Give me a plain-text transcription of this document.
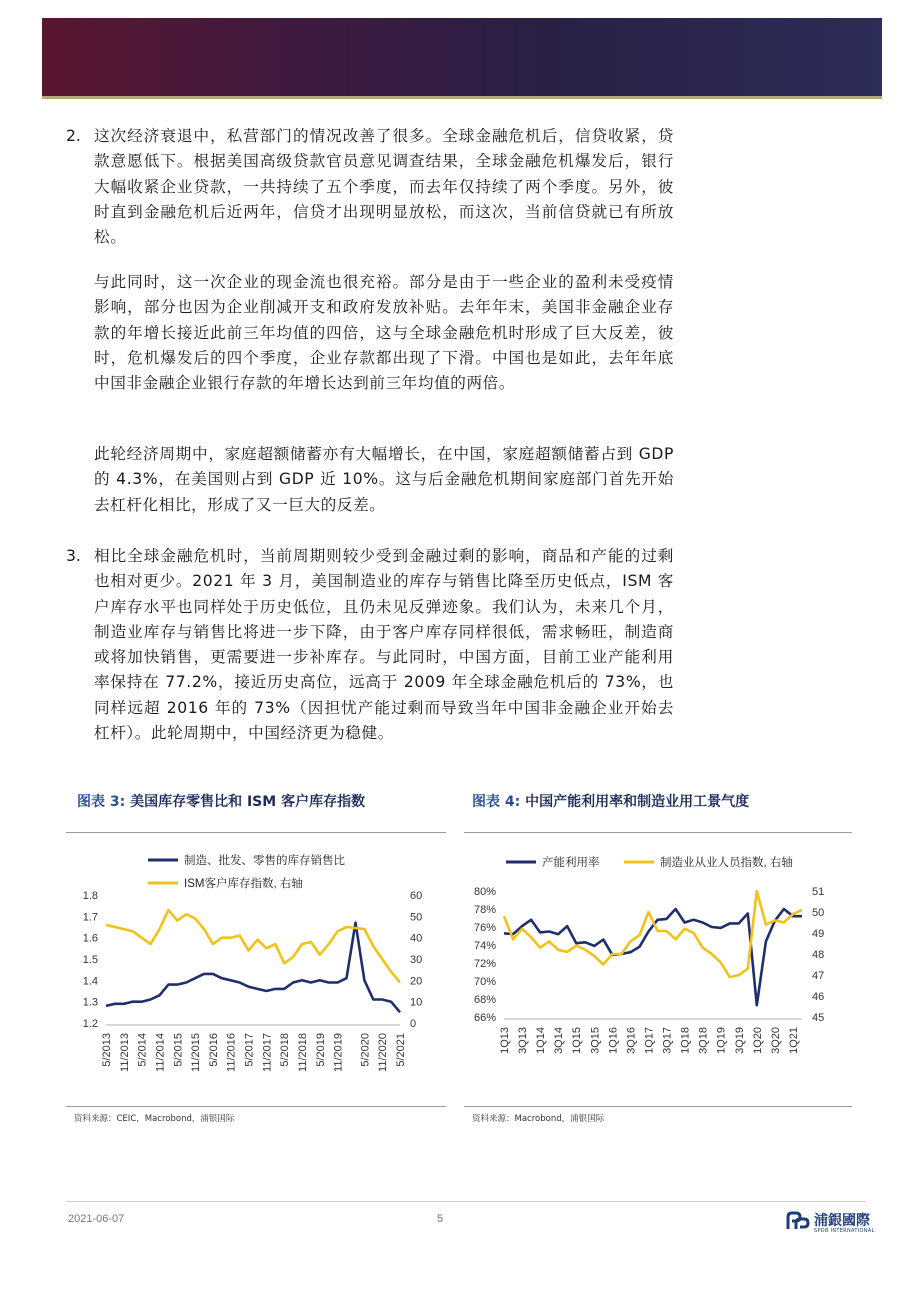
2. 这次经济衰退中，私营部门的情况改善了很多。全球金融危机后，信贷收紧，贷款意愿低下。根据美国高级贷款官员意见调查结果，全球金融危机爆发后，银行大幅收紧企业贷款，一共持续了五个季度，而去年仅持续了两个季度。另外，彼时直到金融危机后近两年，信贷才出现明显放松，而这次，当前信贷就已有所放松。
与此同时，这一次企业的现金流也很充裕。部分是由于一些企业的盈利未受疫情影响，部分也因为企业削减开支和政府发放补贴。去年年末，美国非金融企业存款的年增长接近此前三年均值的四倍，这与全球金融危机时形成了巨大反差，彼时，危机爆发后的四个季度，企业存款都出现了下滑。中国也是如此，去年年底中国非金融企业银行存款的年增长达到前三年均值的两倍。
此轮经济周期中，家庭超额储蓄亦有大幅增长，在中国，家庭超额储蓄占到 GDP 的 4.3%，在美国则占到 GDP 近 10%。这与后金融危机期间家庭部门首先开始去杠杆化相比，形成了又一巨大的反差。
3. 相比全球金融危机时，当前周期则较少受到金融过剩的影响，商品和产能的过剩也相对更少。2021 年 3 月，美国制造业的库存与销售比降至历史低点，ISM 客户库存水平也同样处于历史低位，且仍未见反弹迹象。我们认为，未来几个月，制造业库存与销售比将进一步下降，由于客户库存同样很低，需求畅旺，制造商或将加快销售，更需要进一步补库存。与此同时，中国方面，目前工业产能利用率保持在 77.2%，接近历史高位，远高于 2009 年全球金融危机后的 73%，也同样远超 2016 年的 73%（因担忧产能过剩而导致当年中国非金融企业开始去杠杆）。此轮周期中，中国经济更为稳健。
图表 3: 美国库存零售比和 ISM 客户库存指数	图表 4: 中国产能利用率和制造业用工景气度
1.8
1.7
1.6
1.5
1.4
1.3
1.2
60
50
40
30
20
10
0
5/2013 11/2013 5/2014 11/2014 5/2015 11/2015 5/2016 11/2016 5/2017 11/2017 5/2018 11/2018 5/2019 11/2019 5/2020 11/2020 5/2021
制造、批发、零售的库存销售比
ISM客户库存指数, 右轴
80%
78%
76%
74%
72%
70%
68%
66%
51
50
49
48
47
46
45
1Q13 3Q13 1Q14 3Q14 1Q15 3Q15 1Q16 3Q16 1Q17 3Q17 1Q18 3Q18 1Q19 3Q19 1Q20 3Q20 1Q21
产能利用率	制造业从业人员指数, 右轴
资料来源：CEIC，Macrobond，浦银国际	资料来源：Macrobond，浦银国际
2021-06-07	5	浦銀國際
SPDB INTERNATIONAL
